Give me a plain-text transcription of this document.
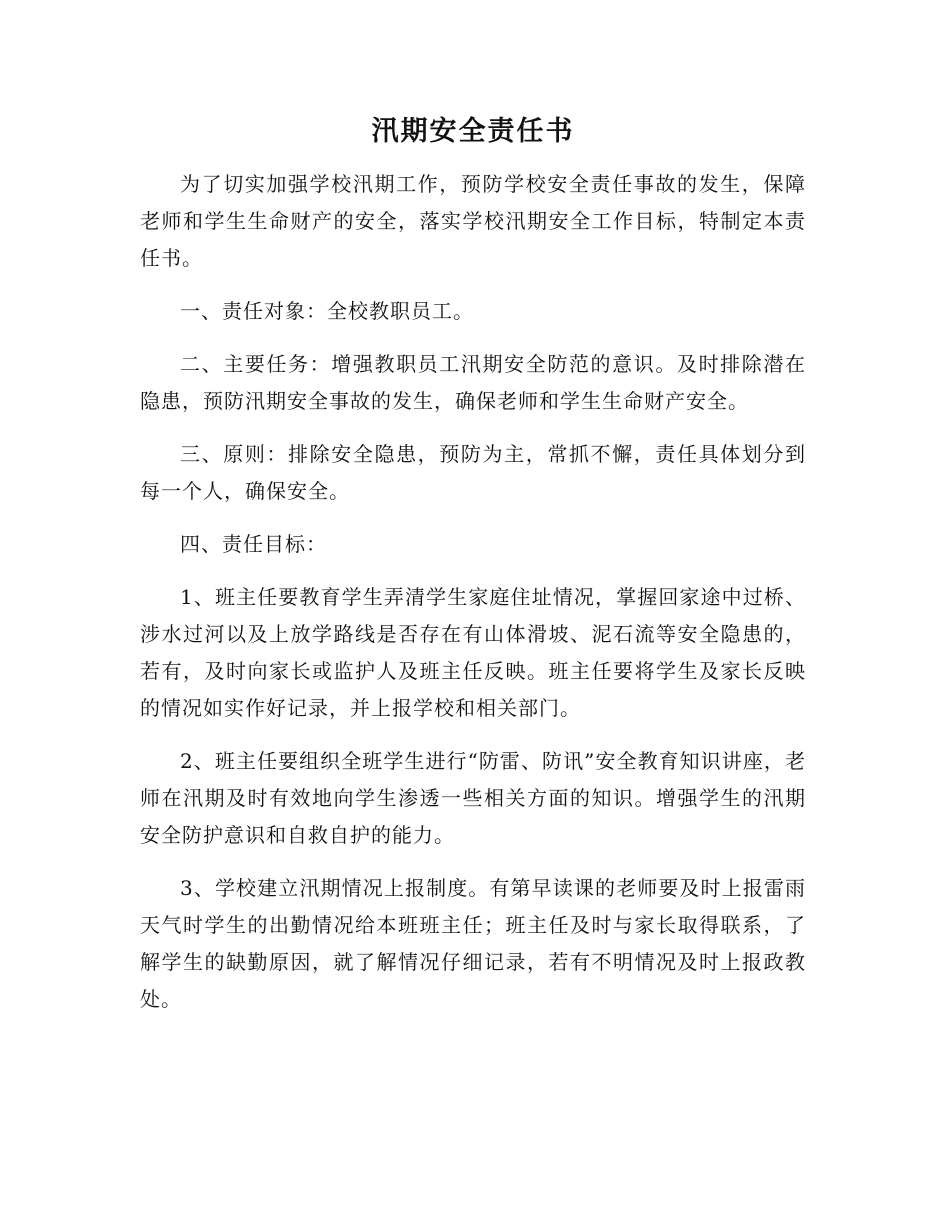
汛期安全责任书

为了切实加强学校汛期工作，预防学校安全责任事故的发生，保障老师和学生生命财产的安全，落实学校汛期安全工作目标，特制定本责任书。

一、责任对象：全校教职员工。

二、主要任务：增强教职员工汛期安全防范的意识。及时排除潜在隐患，预防汛期安全事故的发生，确保老师和学生生命财产安全。

三、原则：排除安全隐患，预防为主，常抓不懈，责任具体划分到每一个人，确保安全。

四、责任目标：

1、班主任要教育学生弄清学生家庭住址情况，掌握回家途中过桥、涉水过河以及上放学路线是否存在有山体滑坡、泥石流等安全隐患的，若有，及时向家长或监护人及班主任反映。班主任要将学生及家长反映的情况如实作好记录，并上报学校和相关部门。

2、班主任要组织全班学生进行“防雷、防讯”安全教育知识讲座，老师在汛期及时有效地向学生渗透一些相关方面的知识。增强学生的汛期安全防护意识和自救自护的能力。

3、学校建立汛期情况上报制度。有第早读课的老师要及时上报雷雨天气时学生的出勤情况给本班班主任；班主任及时与家长取得联系，了解学生的缺勤原因，就了解情况仔细记录，若有不明情况及时上报政教处。
